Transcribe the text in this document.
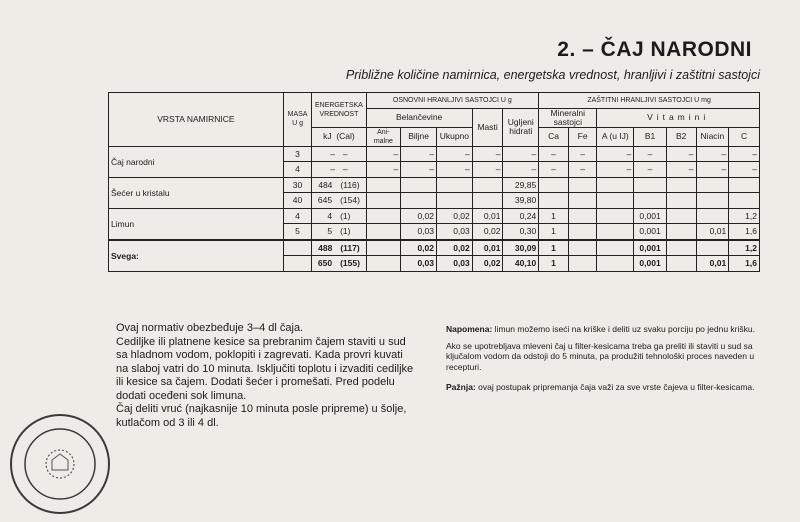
2. – ČAJ NARODNI
Približne količine namirnica, energetska vrednost, hranljivi i zaštitni sastojci
VRSTA NAMIRNICE	MASA U g	ENERGETSKA VREDNOST	OSNOVNI HRANLJIVI SASTOJCI U g					ZAŠTITNI HRANLJIVI SASTOJCI U mg						
			Belančevine			Masti	Ugljeni hidrati	Mineralni sastojci		Vitamini				
			Ani-malne	Biljne	Ukupno			Ca	Fe	A (u IJ)	B1	B2	Niacin	C
		kJ (Cal)												
Čaj narodni	3	– –	–	–	–	–	–	–	–	–	–	–	–	–
	4	– –	–	–	–	–	–	–	–	–	–	–	–	–
Šećer u kristalu	30	484 (116)					29,85							
	40	645 (154)					39,80							
Limun	4	4 (1)		0,02	0,02	0,01	0,24	1			0,001			1,2
	5	5 (1)		0,03	0,03	0,02	0,30	1			0,001		0,01	1,6
Svega:		488 (117)		0,02	0,02	0,01	30,09	1			0,001			1,2
		650 (155)		0,03	0,03	0,02	40,10	1			0,001		0,01	1,6

Ovaj normativ obezbeđuje 3–4 dl čaja.

Cediljke ili platnene kesice sa prebranim čajem staviti u sud sa hladnom vodom, poklopiti i zagrevati. Kada provri kuvati na slaboj vatri do 10 minuta. Isključiti toplotu i izvaditi cediljke ili kesice sa čajem. Dodati šećer i promešati. Pred podelu dodati oceđeni sok limuna.

Čaj deliti vruć (najkasnije 10 minuta posle pripreme) u šolje, kutlačom od 3 ili 4 dl.

Napomena: limun možemo iseći na kriške i deliti uz svaku porciju po jednu krišku.

Ako se upotrebljava mleveni čaj u filter-kesicama treba ga preliti ili staviti u sud sa ključalom vodom da odstoji do 5 minuta, pa produžiti tehnološki proces naveden u recepturi.

Pažnja: ovaj postupak pripremanja čaja važi za sve vrste čajeva u filter-kesicama.
